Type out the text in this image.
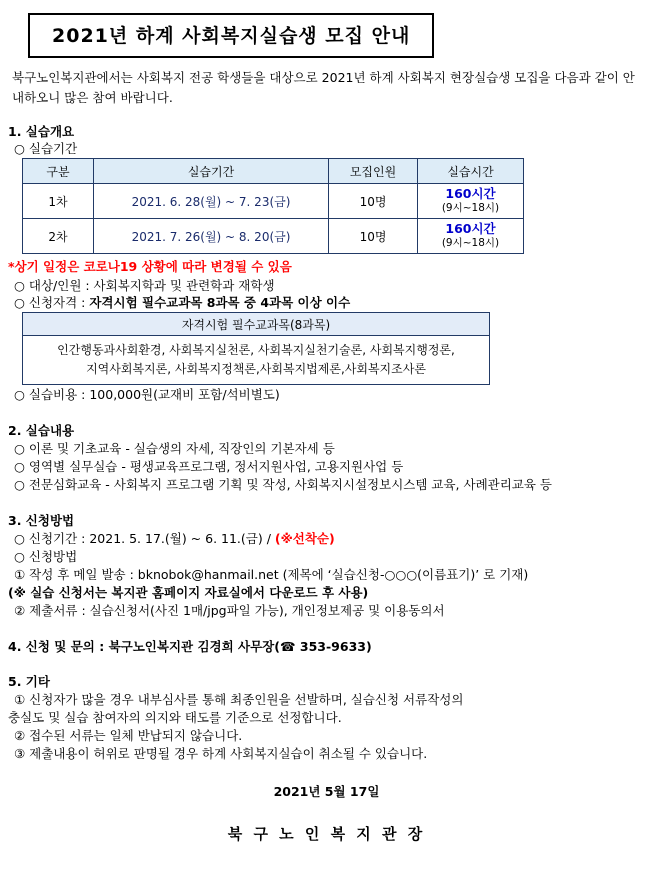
2021년 하계 사회복지실습생 모집 안내
북구노인복지관에서는 사회복지 전공 학생들을 대상으로 2021년 하계 사회복지 현장실습생 모집을 다음과 같이 안내하오니 많은 참여 바랍니다.
1. 실습개요
○ 실습기간
구분	실습기간	모집인원	실습시간
1차	2021. 6. 28(월) ~ 7. 23(금)	10명	160시간
(9시~18시)

2차	2021. 7. 26(월) ~ 8. 20(금)	10명	160시간
(9시~18시)
*상기 일정은 코로나19 상황에 따라 변경될 수 있음
○ 대상/인원 : 사회복지학과 및 관련학과 재학생
○ 신청자격 : 자격시험 필수교과목 8과목 중 4과목 이상 이수
자격시험 필수교과목(8과목)
인간행동과사회환경, 사회복지실천론, 사회복지실천기술론, 사회복지행정론,
지역사회복지론, 사회복지정책론,사회복지법제론,사회복지조사론
○ 실습비용 : 100,000원(교재비 포함/석비별도)
2. 실습내용
○ 이론 및 기초교육 - 실습생의 자세, 직장인의 기본자세 등
○ 영역별 실무실습 - 평생교육프로그램, 정서지원사업, 고용지원사업 등
○ 전문심화교육 - 사회복지 프로그램 기획 및 작성, 사회복지시설정보시스템 교육, 사례관리교육 등
3. 신청방법
○ 신청기간 : 2021. 5. 17.(월) ~ 6. 11.(금) / (※선착순)
○ 신청방법
① 작성 후 메일 발송 : bknobok@hanmail.net (제목에 ‘실습신청-○○○(이름표기)’ 로 기재)
(※ 실습 신청서는 복지관 홈페이지 자료실에서 다운로드 후 사용)
② 제출서류 : 실습신청서(사진 1매/jpg파일 가능), 개인정보제공 및 이용동의서
4. 신청 및 문의 : 북구노인복지관 김경희 사무장(☎ 353-9633)
5. 기타
① 신청자가 많을 경우 내부심사를 통해 최종인원을 선발하며, 실습신청 서류작성의
충실도 및 실습 참여자의 의지와 태도를 기준으로 선정합니다.
② 접수된 서류는 일체 반납되지 않습니다.
③ 제출내용이 허위로 판명될 경우 하계 사회복지실습이 취소될 수 있습니다.
2021년 5월 17일
북 구 노 인 복 지 관 장
